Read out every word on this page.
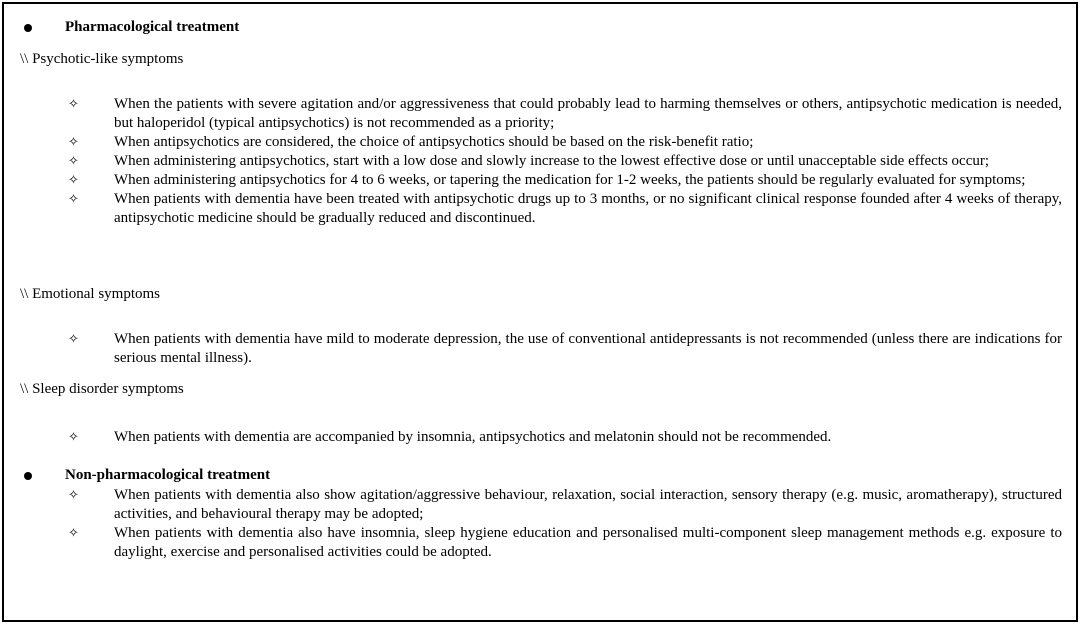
Pharmacological treatment
\\ Psychotic-like symptoms
✧	When the patients with severe agitation and/or aggressiveness that could probably lead to harming themselves or others, antipsychotic medication is needed, but haloperidol (typical antipsychotics) is not recommended as a priority;
✧	When antipsychotics are considered, the choice of antipsychotics should be based on the risk-benefit ratio;
✧	When administering antipsychotics, start with a low dose and slowly increase to the lowest effective dose or until unacceptable side effects occur;
✧	When administering antipsychotics for 4 to 6 weeks, or tapering the medication for 1-2 weeks, the patients should be regularly evaluated for symptoms;
✧	When patients with dementia have been treated with antipsychotic drugs up to 3 months, or no significant clinical response founded after 4 weeks of therapy, antipsychotic medicine should be gradually reduced and discontinued.
\\ Emotional symptoms
✧	When patients with dementia have mild to moderate depression, the use of conventional antidepressants is not recommended (unless there are indications for serious mental illness).
\\ Sleep disorder symptoms
✧	When patients with dementia are accompanied by insomnia, antipsychotics and melatonin should not be recommended.
Non-pharmacological treatment
✧	When patients with dementia also show agitation/aggressive behaviour, relaxation, social interaction, sensory therapy (e.g. music, aromatherapy), structured activities, and behavioural therapy may be adopted;
✧	When patients with dementia also have insomnia, sleep hygiene education and personalised multi-component sleep management methods e.g. exposure to daylight, exercise and personalised activities could be adopted.
